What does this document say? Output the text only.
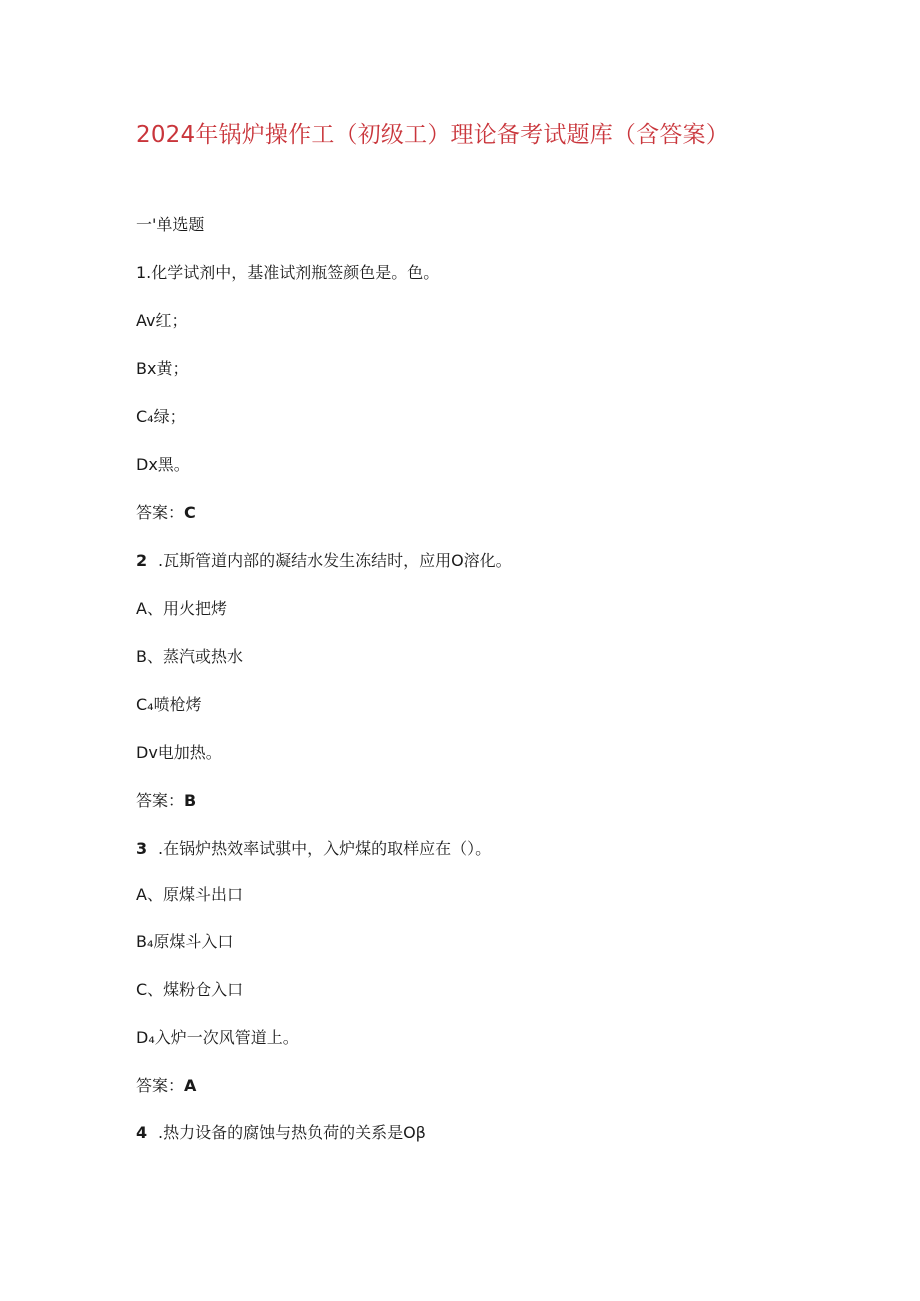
2024年锅炉操作工（初级工）理论备考试题库（含答案）
一'单选题
1.化学试剂中，基准试剂瓶签颜色是。色。
Av红；
Bx黄；
C₄绿；
Dx黑。
答案：C
2 .瓦斯管道内部的凝结水发生冻结时，应用O溶化。
A、用火把烤
B、蒸汽或热水
C₄喷枪烤
Dv电加热。
答案：B
3 .在锅炉热效率试骐中，入炉煤的取样应在（）。
A、原煤斗出口
B₄原煤斗入口
C、煤粉仓入口
D₄入炉一次风管道上。
答案：A
4 .热力设备的腐蚀与热负荷的关系是Oβ
